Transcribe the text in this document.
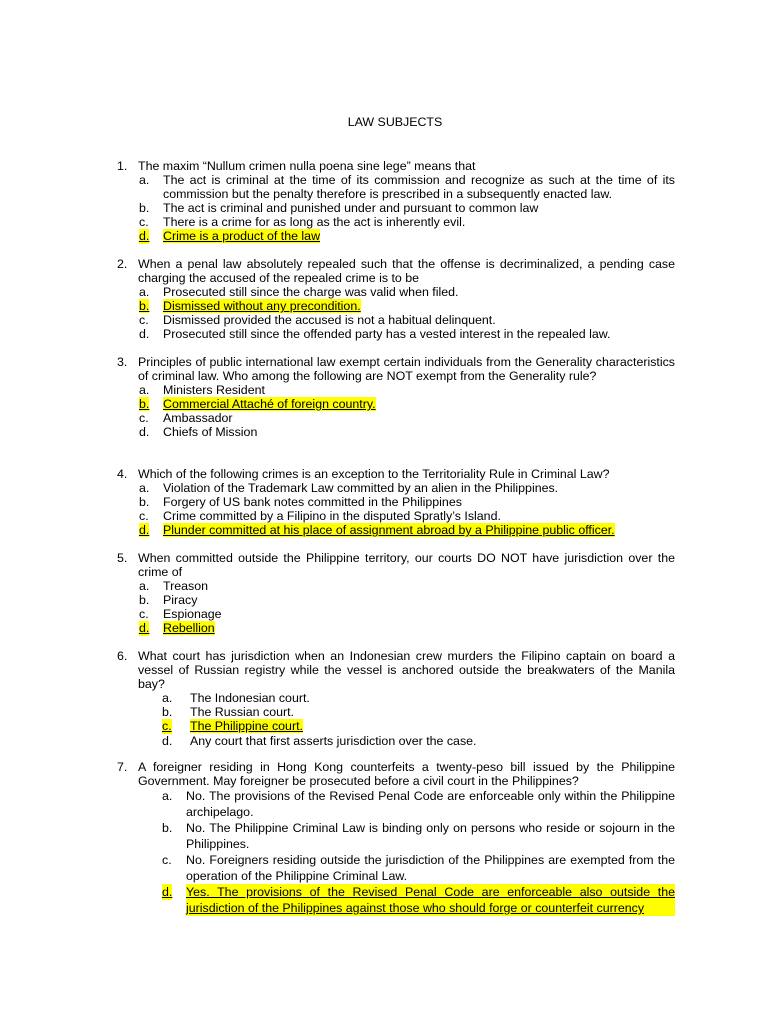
LAW SUBJECTS
1. The maxim “Nullum crimen nulla poena sine lege” means that
a. The act is criminal at the time of its commission and recognize as such at the time of its commission but the penalty therefore is prescribed in a subsequently enacted law.
b. The act is criminal and punished under and pursuant to common law
c. There is a crime for as long as the act is inherently evil.
d. Crime is a product of the law
2. When a penal law absolutely repealed such that the offense is decriminalized, a pending case charging the accused of the repealed crime is to be
a. Prosecuted still since the charge was valid when filed.
b. Dismissed without any precondition.
c. Dismissed provided the accused is not a habitual delinquent.
d. Prosecuted still since the offended party has a vested interest in the repealed law.
3. Principles of public international law exempt certain individuals from the Generality characteristics of criminal law. Who among the following are NOT exempt from the Generality rule?
a. Ministers Resident
b. Commercial Attaché of foreign country.
c. Ambassador
d. Chiefs of Mission
4. Which of the following crimes is an exception to the Territoriality Rule in Criminal Law?
a. Violation of the Trademark Law committed by an alien in the Philippines.
b. Forgery of US bank notes committed in the Philippines
c. Crime committed by a Filipino in the disputed Spratly’s Island.
d. Plunder committed at his place of assignment abroad by a Philippine public officer.
5. When committed outside the Philippine territory, our courts DO NOT have jurisdiction over the crime of
a. Treason
b. Piracy
c. Espionage
d. Rebellion
6. What court has jurisdiction when an Indonesian crew murders the Filipino captain on board a vessel of Russian registry while the vessel is anchored outside the breakwaters of the Manila bay?
a. The Indonesian court.
b. The Russian court.
c. The Philippine court.
d. Any court that first asserts jurisdiction over the case.
7. A foreigner residing in Hong Kong counterfeits a twenty-peso bill issued by the Philippine Government. May foreigner be prosecuted before a civil court in the Philippines?
a. No. The provisions of the Revised Penal Code are enforceable only within the Philippine archipelago.
b. No. The Philippine Criminal Law is binding only on persons who reside or sojourn in the Philippines.
c. No. Foreigners residing outside the jurisdiction of the Philippines are exempted from the operation of the Philippine Criminal Law.
d. Yes. The provisions of the Revised Penal Code are enforceable also outside the jurisdiction of the Philippines against those who should forge or counterfeit currency
